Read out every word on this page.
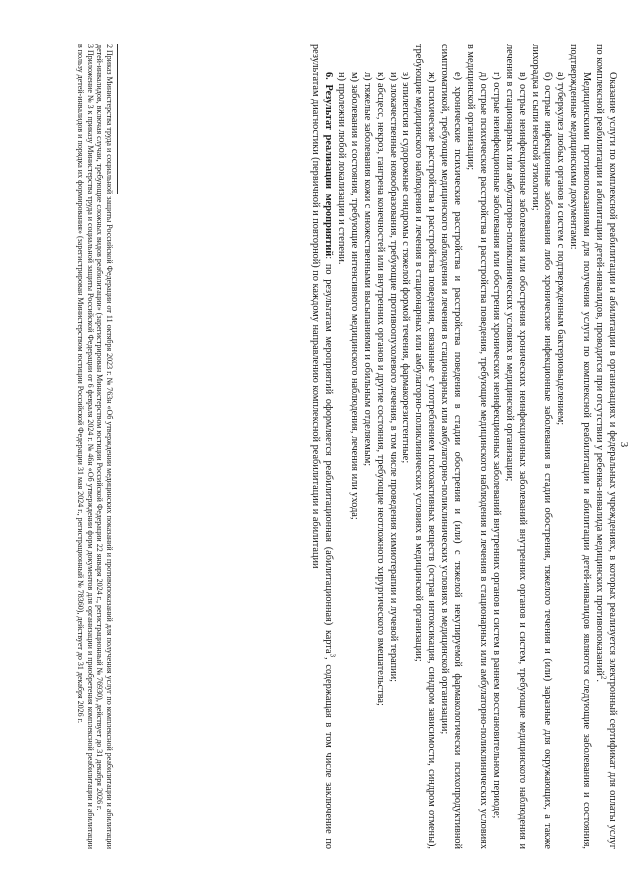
3

Оказание услуги по комплексной реабилитации и абилитации в организациях и федеральных учреждениях, в которых реализуется электронный сертификат для оплаты услуг по комплексной реабилитации и абилитации детей-инвалидов, проводится при отсутствии у ребенка-инвалида медицинских противопоказаний$^2$.

Медицинскими противопоказаниями для получения услуги по комплексной реабилитации и абилитации детей-инвалидов являются следующие заболевания и состояния, подтвержденные медицинскими документами:

а) туберкулез любых органов и систем с подтвержденным бактериовыделением;

б) острые инфекционные заболевания либо хронические инфекционные заболевания в стадии обострения, тяжелого течения и (или) заразные для окружающих, а также лихорадка и сыпи неясной этиологии;

в) острые неинфекционные заболевания или обострения хронических неинфекционных заболеваний внутренних органов и систем, требующие медицинского наблюдения и лечения в стационарных или амбулаторно-поликлинических условиях в медицинской организации;

г) острые неинфекционные заболевания или обострения хронических неинфекционных заболеваний внутренних органов и систем в раннем восстановительном периоде;

д) острые психические расстройства и расстройства поведения, требующие медицинского наблюдения и лечения в стационарных или амбулаторно-поликлинических условиях в медицинской организации;

е) хронические психические расстройства и расстройства поведения в стадии обострения и (или) с тяжелой некупируемой фармакологически психопродуктивной симптоматикой, требующие медицинского наблюдения и лечения в стационарных или амбулаторно-поликлинических условиях в медицинской организации;

ж) психические расстройства и расстройства поведения, связанные с употреблением психоактивных веществ (острая интоксикация, синдром зависимости, синдром отмены), требующие медицинского наблюдения и лечения в стационарных или амбулаторно-поликлинических условиях в медицинской организации;

з) эпилепсия и судорожные синдромы с тяжелой формой течения, фармакорезистентные;

и) злокачественные новообразования, требующие противоопухолевого лечения, в том числе проведения химиотерапии и лучевой терапии;

к) абсцесс, некроз, гангрена конечностей или внутренних органов и другие состояния, требующие неотложного хирургического вмешательства;

л) тяжелые заболевания кожи с множественными высыпаниями и обильным отделяемым;

м) заболевания и состояния, требующие интенсивного медицинского наблюдения, лечения или ухода;

н) пролежни любой локализации и степени.

6. Результат реализации мероприятий: по результатам мероприятий оформляется реабилитационная (абилитационная) карта$^3$, содержащая в том числе заключение по результатам диагностики (первичной и повторной) по каждому направлению комплексной реабилитации и абилитации

2 Приказ Министерства труда и социальной защиты Российской Федерации от 11 октября 2023 г. № 763н «Об утверждении медицинских показаний и противопоказаний для получения услуг по комплексной реабилитации и абилитации детей-инвалидов, включая случаи, требующие сложных видов реабилитации» (зарегистрирован Министерством юстиции Российской Федерации 22 января 2024 г., регистрационный № 76930), действует до 31 декабря 2026 г.

3 Приложение № 3 к приказу Министерства труда и социальной защиты Российской Федерации от 6 февраля 2024 г. № 46н «Об утверждении форм документов для организации и приобретения комплексной реабилитации и абилитации в пользу детей-инвалидов и порядка их формирования» (зарегистрирован Министерством юстиции Российской Федерации 31 мая 2024 г., регистрационный № 78360), действует до 31 декабря 2026 г.
